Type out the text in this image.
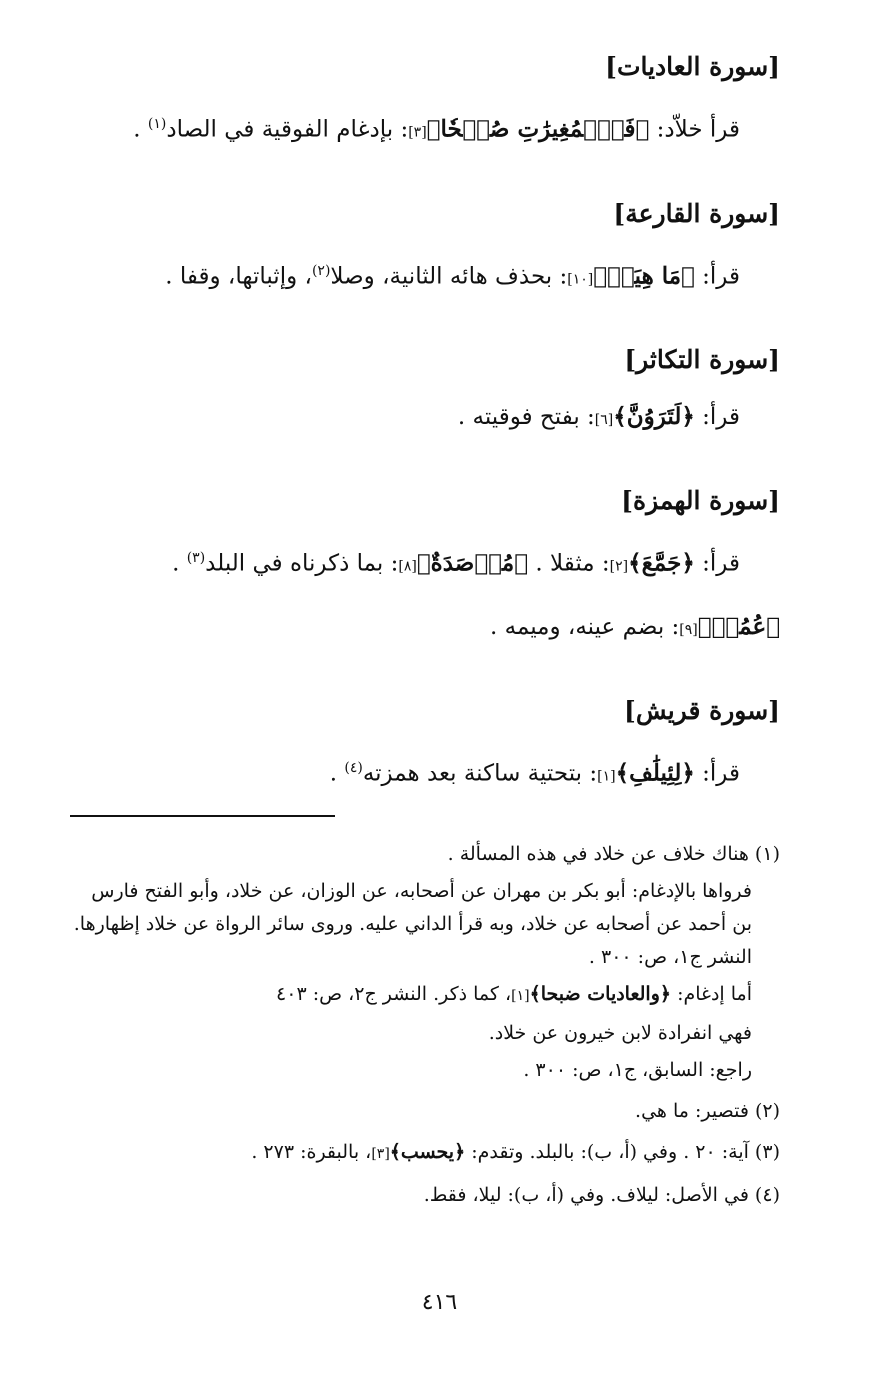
[سورة العاديات]

قرأ خلاّد: ﴿فَٱلۡمُغِيرَٰتِ صُبۡحٗا﴾[٣]: بإدغام الفوقية في الصاد$^{(١)}$ .

[سورة القارعة]

قرأ: ﴿مَا هِيَهۡ﴾[١٠]: بحذف هائه الثانية، وصلا$^{(٢)}$، وإثباتها، وقفا .

[سورة التكاثر]

قرأ: ﴿لَتَرَوُنَّ﴾[٦]: بفتح فوقيته .

[سورة الهمزة]

قرأ: ﴿جَمَّعَ﴾[٢]: مثقلا . ﴿مُؤۡصَدَةٌ﴾[٨]: بما ذكرناه في البلد$^{(٣)}$ .

﴿عُمُدٖ﴾[٩]: بضم عينه، وميمه .

[سورة قريش]

قرأ: ﴿لِئِيلَٰفِ﴾[١]: بتحتية ساكنة بعد همزته$^{(٤)}$ .

(١) هناك خلاف عن خلاد في هذه المسألة .

فرواها بالإدغام: أبو بكر بن مهران عن أصحابه، عن الوزان، عن خلاد، وأبو الفتح فارس بن أحمد عن أصحابه عن خلاد، وبه قرأ الداني عليه. وروى سائر الرواة عن خلاد إظهارها. النشر ج١، ص: ٣٠٠ .

أما إدغام: ﴿والعاديات ضبحا﴾[١]، كما ذكر. النشر ج٢، ص: ٤٠٣

فهي انفرادة لابن خيرون عن خلاد.

راجع: السابق، ج١، ص: ٣٠٠ .

(٢) فتصير: ما هي.

(٣) آية: ٢٠ . وفي (أ، ب): بالبلد. وتقدم: ﴿يحسب﴾[٣]، بالبقرة: ٢٧٣ .

(٤) في الأصل: ليلاف. وفي (أ، ب): ليلا، فقط.

٤١٦
